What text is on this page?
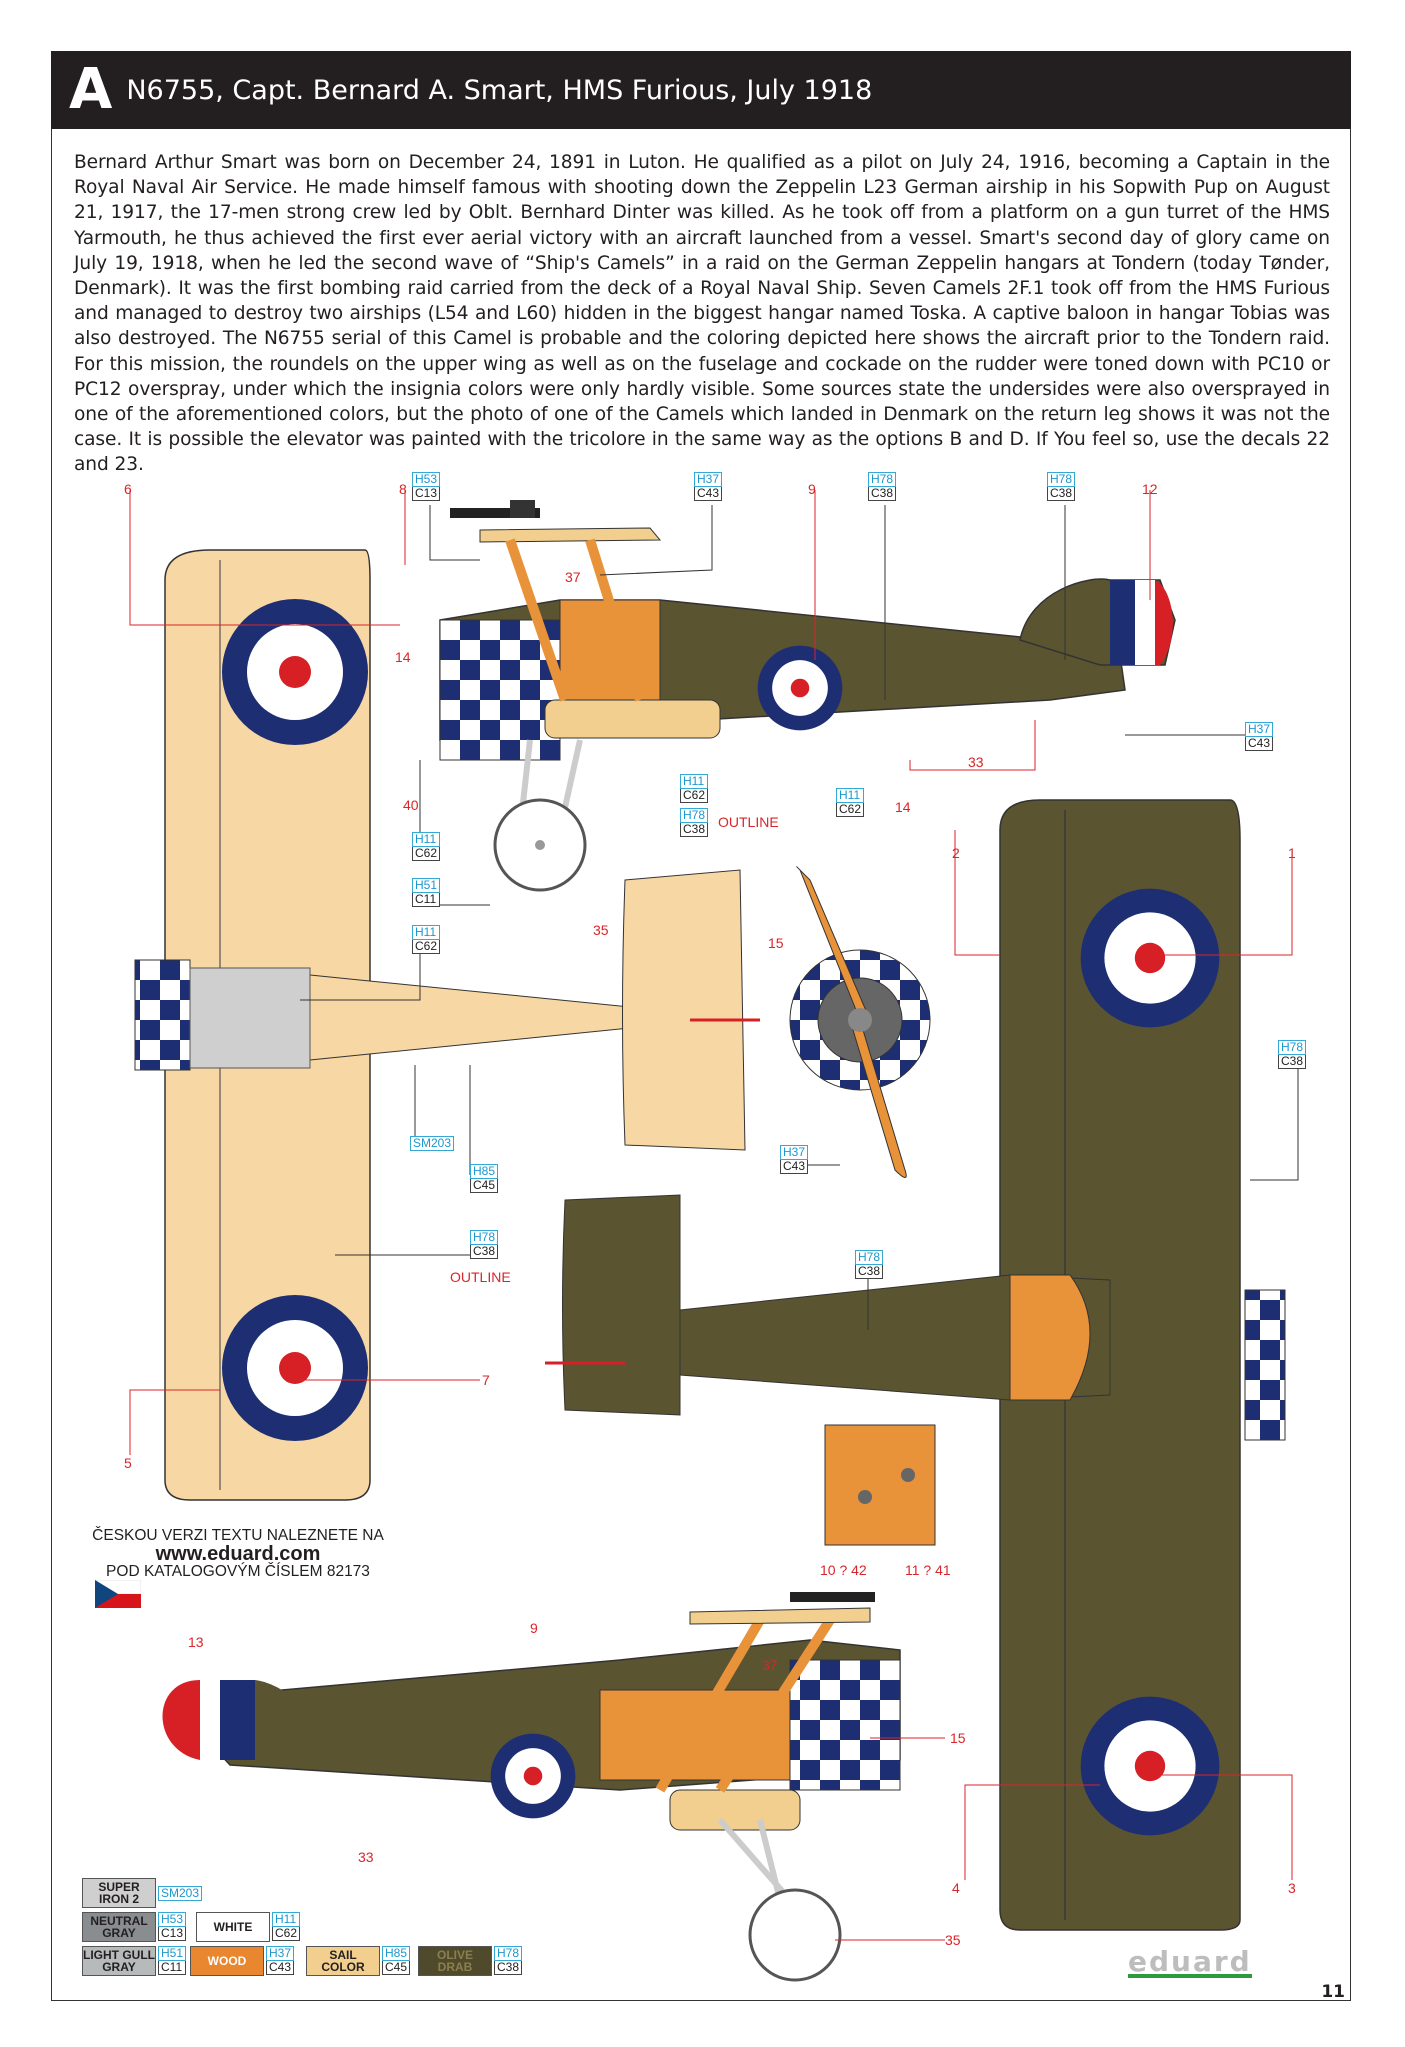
A N6755, Capt. Bernard A. Smart, HMS Furious, July 1918
Bernard Arthur Smart was born on December 24, 1891 in Luton. He qualified as a pilot on July 24, 1916, becoming a Captain in the Royal Naval Air Service. He made himself famous with shooting down the Zeppelin L23 German airship in his Sopwith Pup on August 21, 1917, the 17-men strong crew led by Oblt. Bernhard Dinter was killed. As he took off from a platform on a gun turret of the HMS Yarmouth, he thus achieved the first ever aerial victory with an aircraft launched from a vessel. Smart's second day of glory came on July 19, 1918, when he led the second wave of “Ship's Camels” in a raid on the German Zeppelin hangars at Tondern (today Tønder, Denmark). It was the first bombing raid carried from the deck of a Royal Naval Ship. Seven Camels 2F.1 took off from the HMS Furious and managed to destroy two airships (L54 and L60) hidden in the biggest hangar named Toska. A captive baloon in hangar Tobias was also destroyed. The N6755 serial of this Camel is probable and the coloring depicted here shows the aircraft prior to the Tondern raid. For this mission, the roundels on the upper wing as well as on the fuselage and cockade on the rudder were toned down with PC10 or PC12 overspray, under which the insignia colors were only hardly visible. Some sources state the undersides were also oversprayed in one of the aforementioned colors, but the photo of one of the Camels which landed in Denmark on the return leg shows it was not the case. It is possible the elevator was painted with the tricolore in the same way as the options B and D. If You feel so, use the decals 22 and 23.
6	8	9	12
37
14
40
35
33
14
2	1
15
7
5
10 ? 42	11 ? 41
13
9
37
15
33
4	3
35
OUTLINE
OUTLINE
H53
C13
H37
C43
H78
C38
H78
C38
H37
C43
H11
C62
H78
C38
H11
C62
H11
C62
H51
C11
H11
C62
SM203
H85
C45
H78
C38
H37
C43
H78
C38
H78
C38
ČESKOU VERZI TEXTU NALEZNETE NA
www.eduard.com
POD KATALOGOVÝM ČÍSLEM 82173
SUPER
IRON 2 SM203
NEUTRAL
GRAY
H53
C13	WHITE
H11
C62
LIGHT GULL
GRAY
H51
C11	WOOD
H37
C43
SAIL
COLOR
H85
C45
OLIVE
DRAB
H78
C38	eduard
11
